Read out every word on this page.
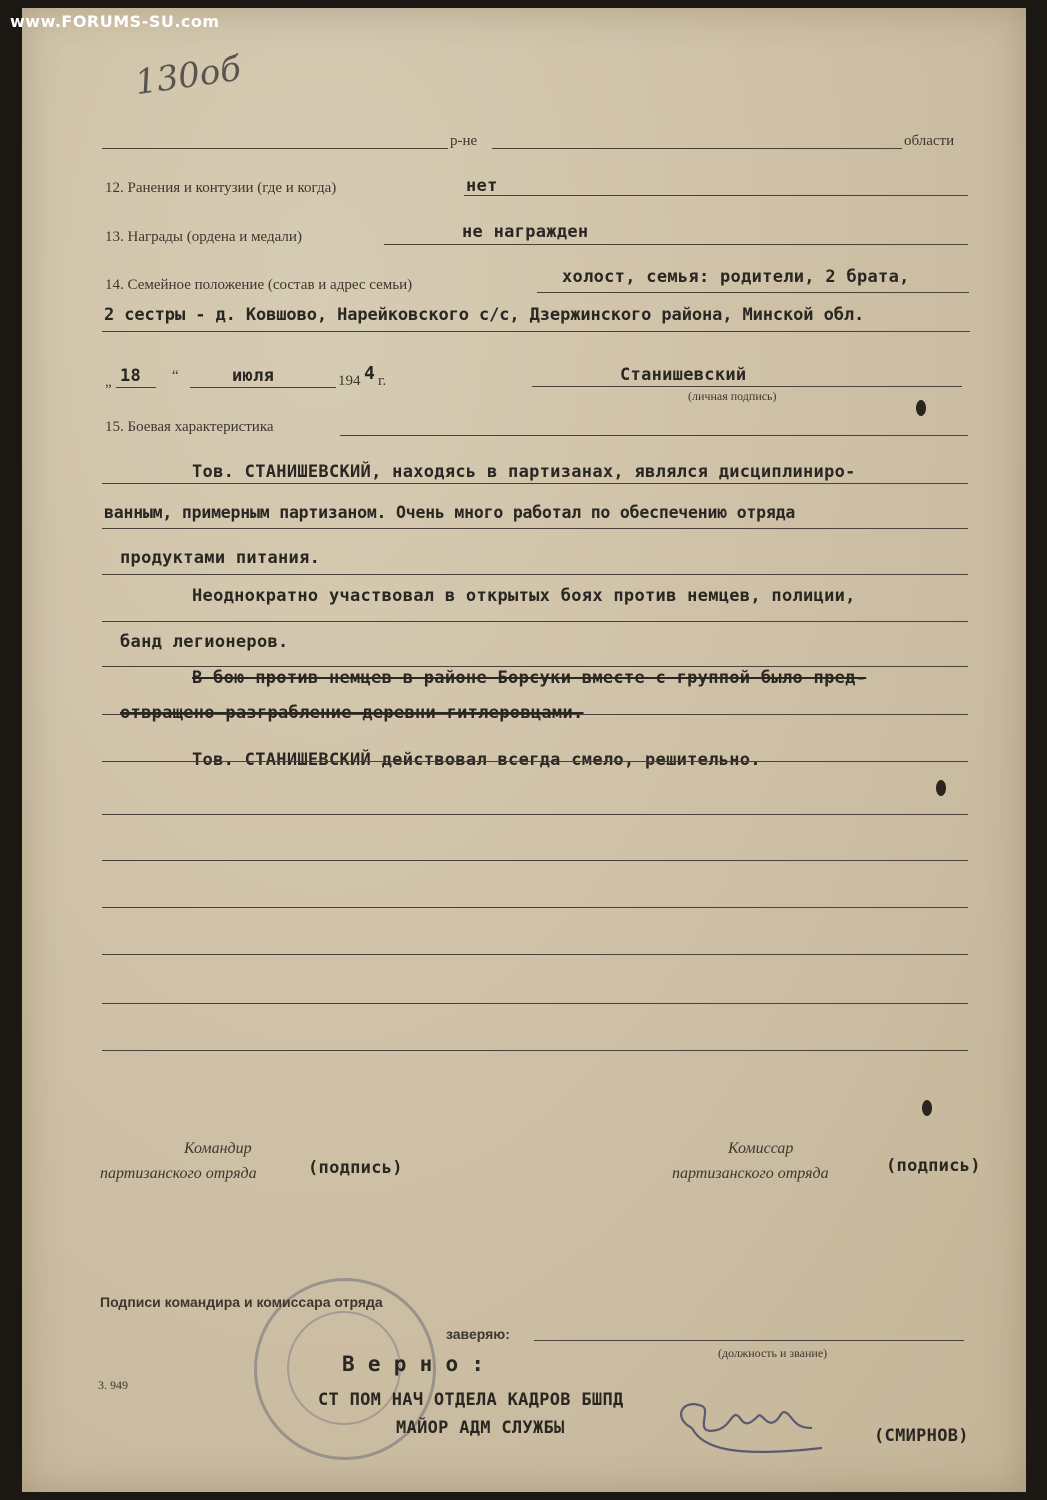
130об
р-не	области
12. Ранения и контузии (где и когда)	нет
13. Награды (ордена и медали)	не награжден
14. Семейное положение (состав и адрес семьи)	холост, семья: родители, 2 брата,
2 сестры - д. Ковшово, Нарейковского с/с, Дзержинского района, Минской обл.
„ 18 “	июля	194 4 г.	Станишевский
(личная подпись)
15. Боевая характеристика
Тов. СТАНИШЕВСКИЙ, находясь в партизанах, являлся дисциплиниро-
ванным, примерным партизаном. Очень много работал по обеспечению отряда
продуктами питания.
Неоднократно участвовал в открытых боях против немцев, полиции,
банд легионеров.
В бою против немцев в районе Борсуки вместе с группой было пред-
отвращено разграбление деревни гитлеровцами.
Тов. СТАНИШЕВСКИЙ действовал всегда смело, решительно.
Командир
партизанского отряда	(подпись)
Комиссар
партизанского отряда	(подпись)
Подписи командира и комиссара отряда
заверяю:
(должность и звание)
В е р н о :
3. 949
СТ ПОМ НАЧ ОТДЕЛА КАДРОВ БШПД
МАЙОР АДМ СЛУЖБЫ	(СМИРНОВ)
www.FORUMS-SU.com
